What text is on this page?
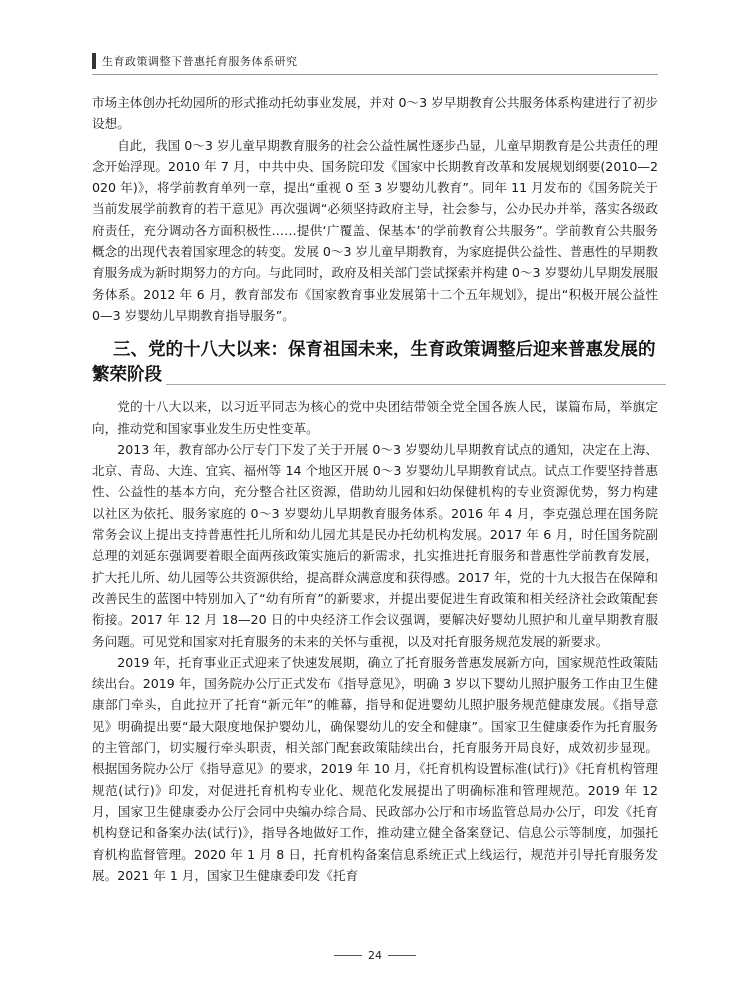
生育政策调整下普惠托育服务体系研究

市场主体创办托幼园所的形式推动托幼事业发展，并对 0～3 岁早期教育公共服务体系构建进行了初步设想。

自此，我国 0～3 岁儿童早期教育服务的社会公益性属性逐步凸显，儿童早期教育是公共责任的理念开始浮现。2010 年 7 月，中共中央、国务院印发《国家中长期教育改革和发展规划纲要(2010—2020 年)》，将学前教育单列一章，提出“重视 0 至 3 岁婴幼儿教育”。同年 11 月发布的《国务院关于当前发展学前教育的若干意见》再次强调“必须坚持政府主导，社会参与，公办民办并举，落实各级政府责任，充分调动各方面积极性……提供‘广覆盖、保基本’的学前教育公共服务”。学前教育公共服务概念的出现代表着国家理念的转变。发展 0～3 岁儿童早期教育，为家庭提供公益性、普惠性的早期教育服务成为新时期努力的方向。与此同时，政府及相关部门尝试探索并构建 0～3 岁婴幼儿早期发展服务体系。2012 年 6 月，教育部发布《国家教育事业发展第十二个五年规划》，提出“积极开展公益性 0—3 岁婴幼儿早期教育指导服务”。

三、党的十八大以来：保育祖国未来，生育政策调整后迎来普惠发展的繁荣阶段

党的十八大以来，以习近平同志为核心的党中央团结带领全党全国各族人民，谋篇布局，举旗定向，推动党和国家事业发生历史性变革。

2013 年，教育部办公厅专门下发了关于开展 0～3 岁婴幼儿早期教育试点的通知，决定在上海、北京、青岛、大连、宜宾、福州等 14 个地区开展 0～3 岁婴幼儿早期教育试点。试点工作要坚持普惠性、公益性的基本方向，充分整合社区资源，借助幼儿园和妇幼保健机构的专业资源优势，努力构建以社区为依托、服务家庭的 0～3 岁婴幼儿早期教育服务体系。2016 年 4 月，李克强总理在国务院常务会议上提出支持普惠性托儿所和幼儿园尤其是民办托幼机构发展。2017 年 6 月，时任国务院副总理的刘延东强调要着眼全面两孩政策实施后的新需求，扎实推进托育服务和普惠性学前教育发展，扩大托儿所、幼儿园等公共资源供给，提高群众满意度和获得感。2017 年，党的十九大报告在保障和改善民生的蓝图中特别加入了“幼有所育”的新要求，并提出要促进生育政策和相关经济社会政策配套衔接。2017 年 12 月 18—20 日的中央经济工作会议强调，要解决好婴幼儿照护和儿童早期教育服务问题。可见党和国家对托育服务的未来的关怀与重视，以及对托育服务规范发展的新要求。

2019 年，托育事业正式迎来了快速发展期，确立了托育服务普惠发展新方向，国家规范性政策陆续出台。2019 年，国务院办公厅正式发布《指导意见》，明确 3 岁以下婴幼儿照护服务工作由卫生健康部门牵头，自此拉开了托育“新元年”的帷幕，指导和促进婴幼儿照护服务规范健康发展。《指导意见》明确提出要“最大限度地保护婴幼儿，确保婴幼儿的安全和健康”。国家卫生健康委作为托育服务的主管部门，切实履行牵头职责，相关部门配套政策陆续出台，托育服务开局良好，成效初步显现。根据国务院办公厅《指导意见》的要求，2019 年 10 月，《托育机构设置标准(试行)》《托育机构管理规范(试行)》印发，对促进托育机构专业化、规范化发展提出了明确标准和管理规范。2019 年 12 月，国家卫生健康委办公厅会同中央编办综合局、民政部办公厅和市场监管总局办公厅，印发《托育机构登记和备案办法(试行)》，指导各地做好工作，推动建立健全备案登记、信息公示等制度，加强托育机构监督管理。2020 年 1 月 8 日，托育机构备案信息系统正式上线运行，规范并引导托育服务发展。2021 年 1 月，国家卫生健康委印发《托育

24
